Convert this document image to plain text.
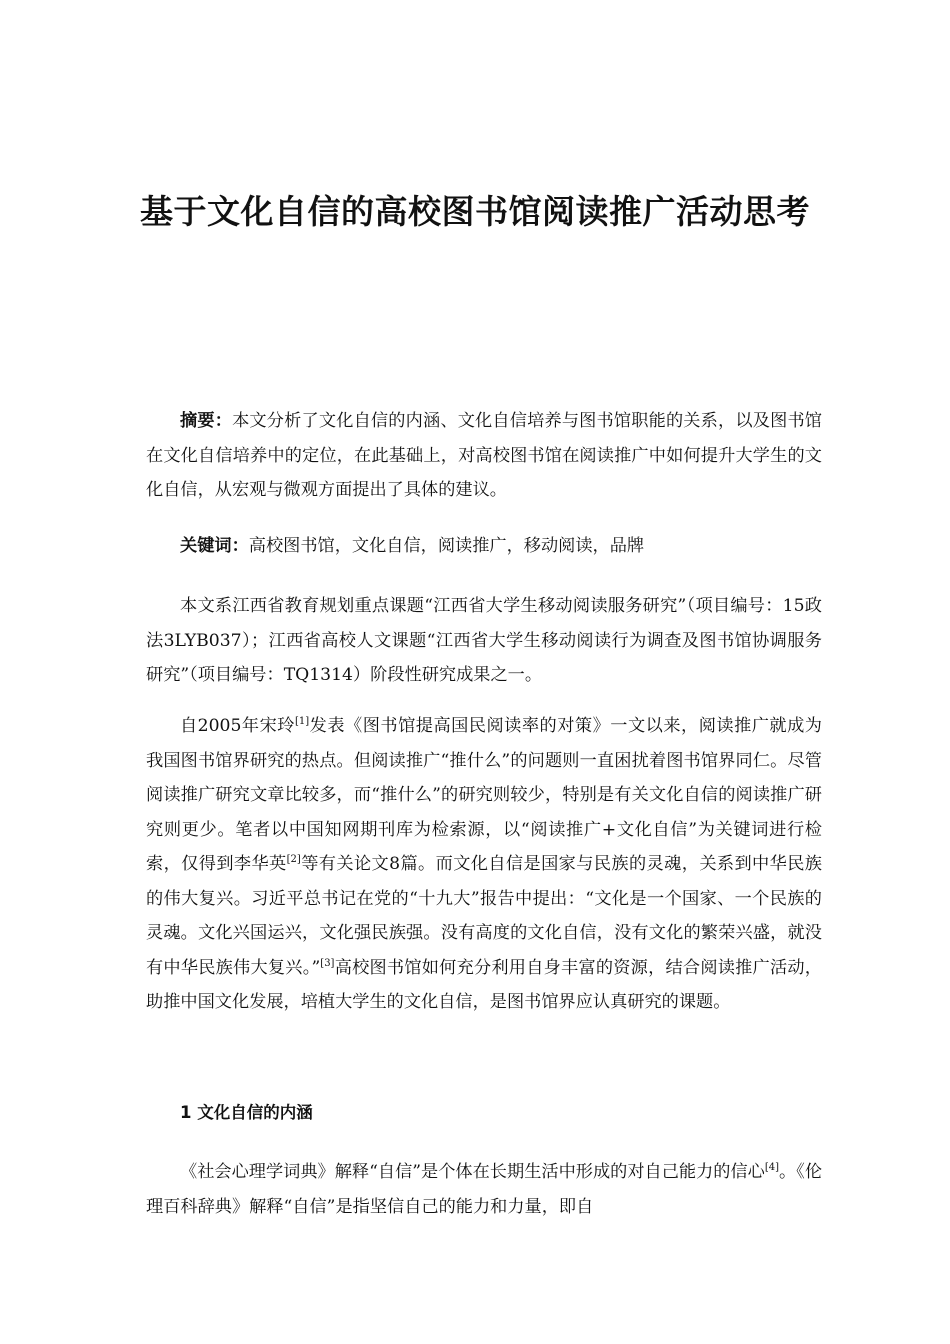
基于文化自信的高校图书馆阅读推广活动思考

摘要：本文分析了文化自信的内涵、文化自信培养与图书馆职能的关系，以及图书馆在文化自信培养中的定位，在此基础上，对高校图书馆在阅读推广中如何提升大学生的文化自信，从宏观与微观方面提出了具体的建议。

关键词：高校图书馆，文化自信，阅读推广，移动阅读，品牌

本文系江西省教育规划重点课题“江西省大学生移动阅读服务研究”（项目编号：15政法3LYB037）；江西省高校人文课题“江西省大学生移动阅读行为调查及图书馆协调服务研究”（项目编号：TQ1314）阶段性研究成果之一。

自2005年宋玲[1]发表《图书馆提高国民阅读率的对策》一文以来，阅读推广就成为我国图书馆界研究的热点。但阅读推广“推什么”的问题则一直困扰着图书馆界同仁。尽管阅读推广研究文章比较多，而“推什么”的研究则较少，特别是有关文化自信的阅读推广研究则更少。笔者以中国知网期刊库为检索源，以“阅读推广+文化自信”为关键词进行检索，仅得到李华英[2]等有关论文8篇。而文化自信是国家与民族的灵魂，关系到中华民族的伟大复兴。习近平总书记在党的“十九大”报告中提出：“文化是一个国家、一个民族的灵魂。文化兴国运兴，文化强民族强。没有高度的文化自信，没有文化的繁荣兴盛，就没有中华民族伟大复兴。”[3]高校图书馆如何充分利用自身丰富的资源，结合阅读推广活动，助推中国文化发展，培植大学生的文化自信，是图书馆界应认真研究的课题。

1 文化自信的内涵

《社会心理学词典》解释“自信”是个体在长期生活中形成的对自己能力的信心[4]。《伦理百科辞典》解释“自信”是指坚信自己的能力和力量，即自
